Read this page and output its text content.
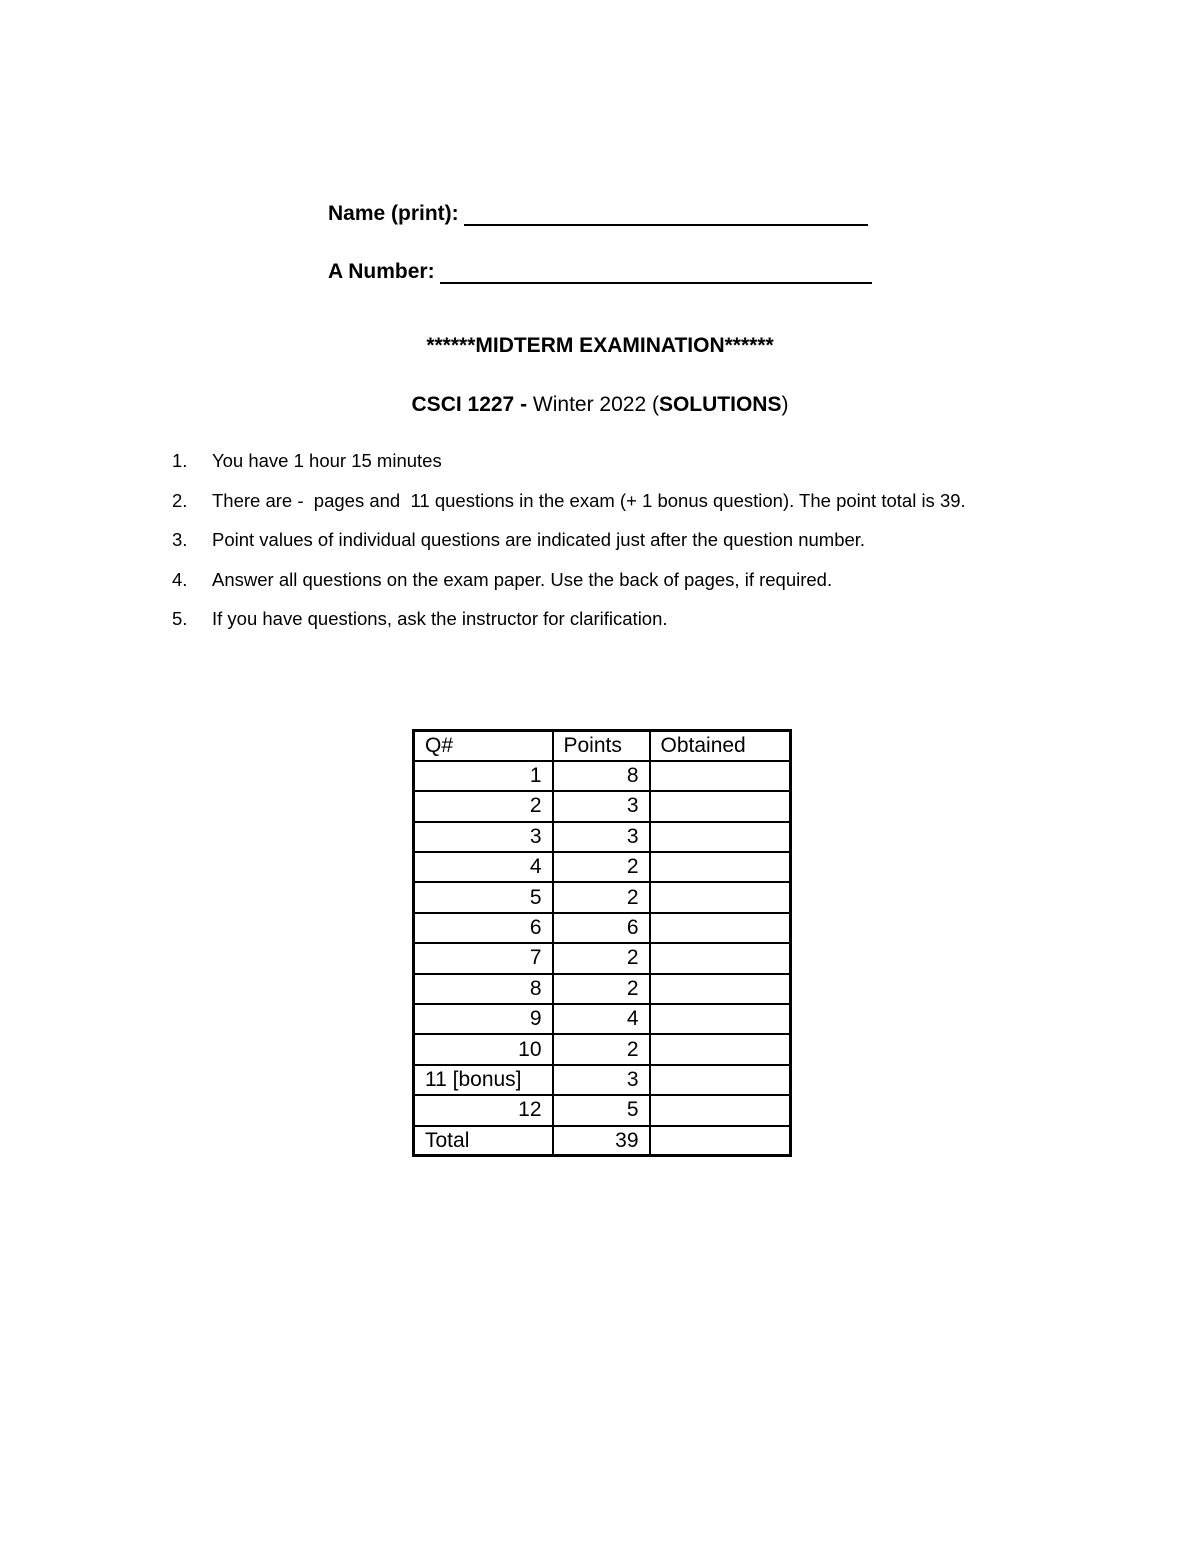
Name (print):
A Number:
******MIDTERM EXAMINATION******
CSCI 1227 - Winter 2022 (SOLUTIONS)
1.	You have 1 hour 15 minutes
2.	There are -  pages and  11 questions in the exam (+ 1 bonus question). The point total is 39.
3.	Point values of individual questions are indicated just after the question number.
4.	Answer all questions on the exam paper. Use the back of pages, if required.
5.	If you have questions, ask the instructor for clarification.
Q#	Points	Obtained
1	8	
2	3	
3	3	
4	2	
5	2	
6	6	
7	2	
8	2	
9	4	
10	2	
11 [bonus]	3	
12	5	
Total	39	
